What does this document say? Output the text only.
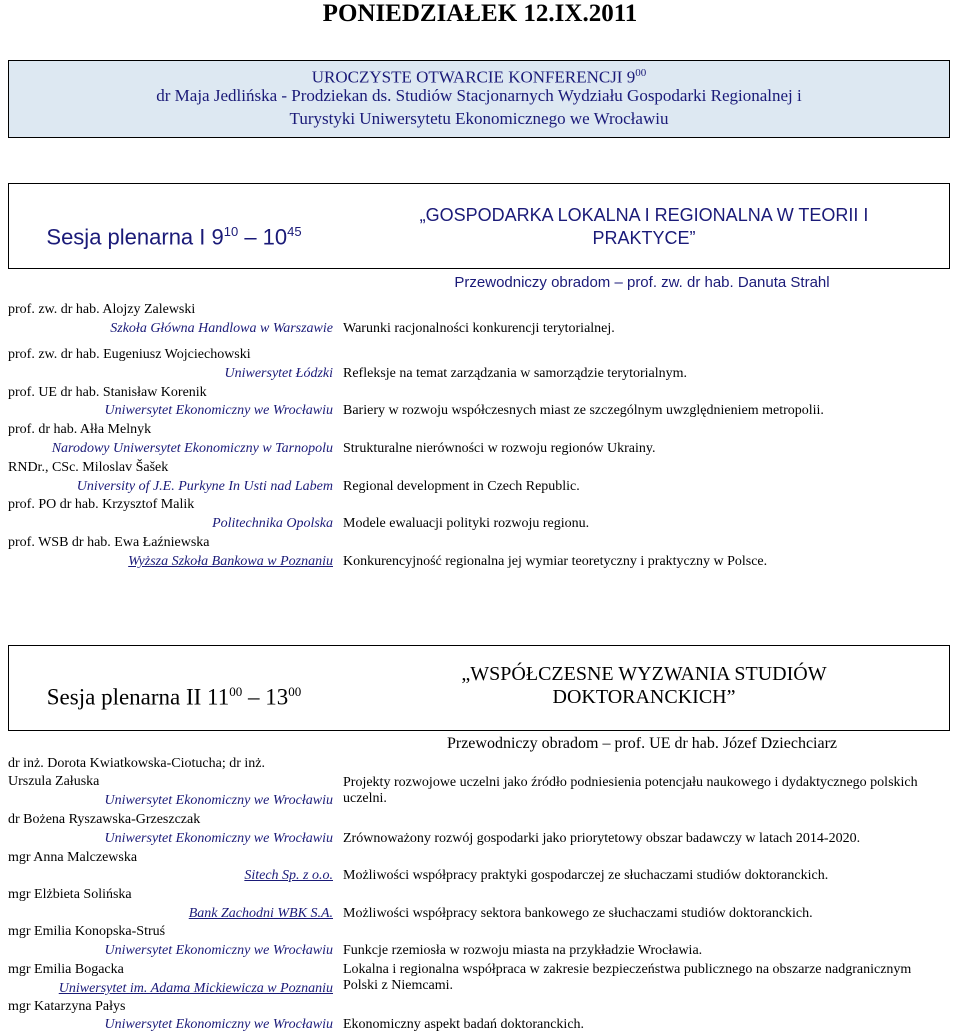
PONIEDZIAŁEK 12.IX.2011
UROCZYSTE OTWARCIE KONFERENCJI $9^{00}$
dr Maja Jedlińska - Prodziekan ds. Studiów Stacjonarnych Wydziału Gospodarki Regionalnej i
Turystyki Uniwersytetu Ekonomicznego we Wrocławiu
Sesja plenarna I $9^{10} - 10^{45}$
„GOSPODARKA LOKALNA I REGIONALNA W TEORII I
PRAKTYCE”
Przewodniczy obradom – prof. zw. dr hab. Danuta Strahl
prof. zw. dr hab. Alojzy Zalewski
Szkoła Główna Handlowa w Warszawie Warunki racjonalności konkurencji terytorialnej.
prof. zw. dr hab. Eugeniusz Wojciechowski
Uniwersytet Łódzki Refleksje na temat zarządzania w samorządzie terytorialnym.
prof. UE dr hab. Stanisław Korenik
Uniwersytet Ekonomiczny we Wrocławiu Bariery w rozwoju współczesnych miast ze szczególnym uwzględnieniem metropolii.
prof. dr hab. Ałła Melnyk
Narodowy Uniwersytet Ekonomiczny w Tarnopolu Strukturalne nierówności w rozwoju regionów Ukrainy.
RNDr., CSc. Miloslav Šašek
University of J.E. Purkyne In Usti nad Labem Regional development in Czech Republic.
prof. PO dr hab. Krzysztof Malik
Politechnika Opolska Modele ewaluacji polityki rozwoju regionu.
prof. WSB dr hab. Ewa Łaźniewska
Wyższa Szkoła Bankowa w Poznaniu Konkurencyjność regionalna jej wymiar teoretyczny i praktyczny w Polsce.
Sesja plenarna II $11^{00} - 13^{00}$
„WSPÓŁCZESNE WYZWANIA STUDIÓW
DOKTORANCKICH”
Przewodniczy obradom – prof. UE dr hab. Józef Dziechciarz
dr inż. Dorota Kwiatkowska-Ciotucha; dr inż.
Urszula Załuska
Uniwersytet Ekonomiczny we Wrocławiu
Projekty rozwojowe uczelni jako źródło podniesienia potencjału naukowego i dydaktycznego polskich uczelni.
dr Bożena Ryszawska-Grzeszczak
Uniwersytet Ekonomiczny we Wrocławiu Zrównoważony rozwój gospodarki jako priorytetowy obszar badawczy w latach 2014-2020.
mgr Anna Malczewska
Sitech Sp. z o.o. Możliwości współpracy praktyki gospodarczej ze słuchaczami studiów doktoranckich.
mgr Elżbieta Solińska
Bank Zachodni WBK S.A. Możliwości współpracy sektora bankowego ze słuchaczami studiów doktoranckich.
mgr Emilia Konopska-Struś
Uniwersytet Ekonomiczny we Wrocławiu Funkcje rzemiosła w rozwoju miasta na przykładzie Wrocławia.
mgr Emilia Bogacka
Uniwersytet im. Adama Mickiewicza w Poznaniu
Lokalna i regionalna współpraca w zakresie bezpieczeństwa publicznego na obszarze nadgranicznym Polski z Niemcami.
mgr Katarzyna Pałys
Uniwersytet Ekonomiczny we Wrocławiu Ekonomiczny aspekt badań doktoranckich.
